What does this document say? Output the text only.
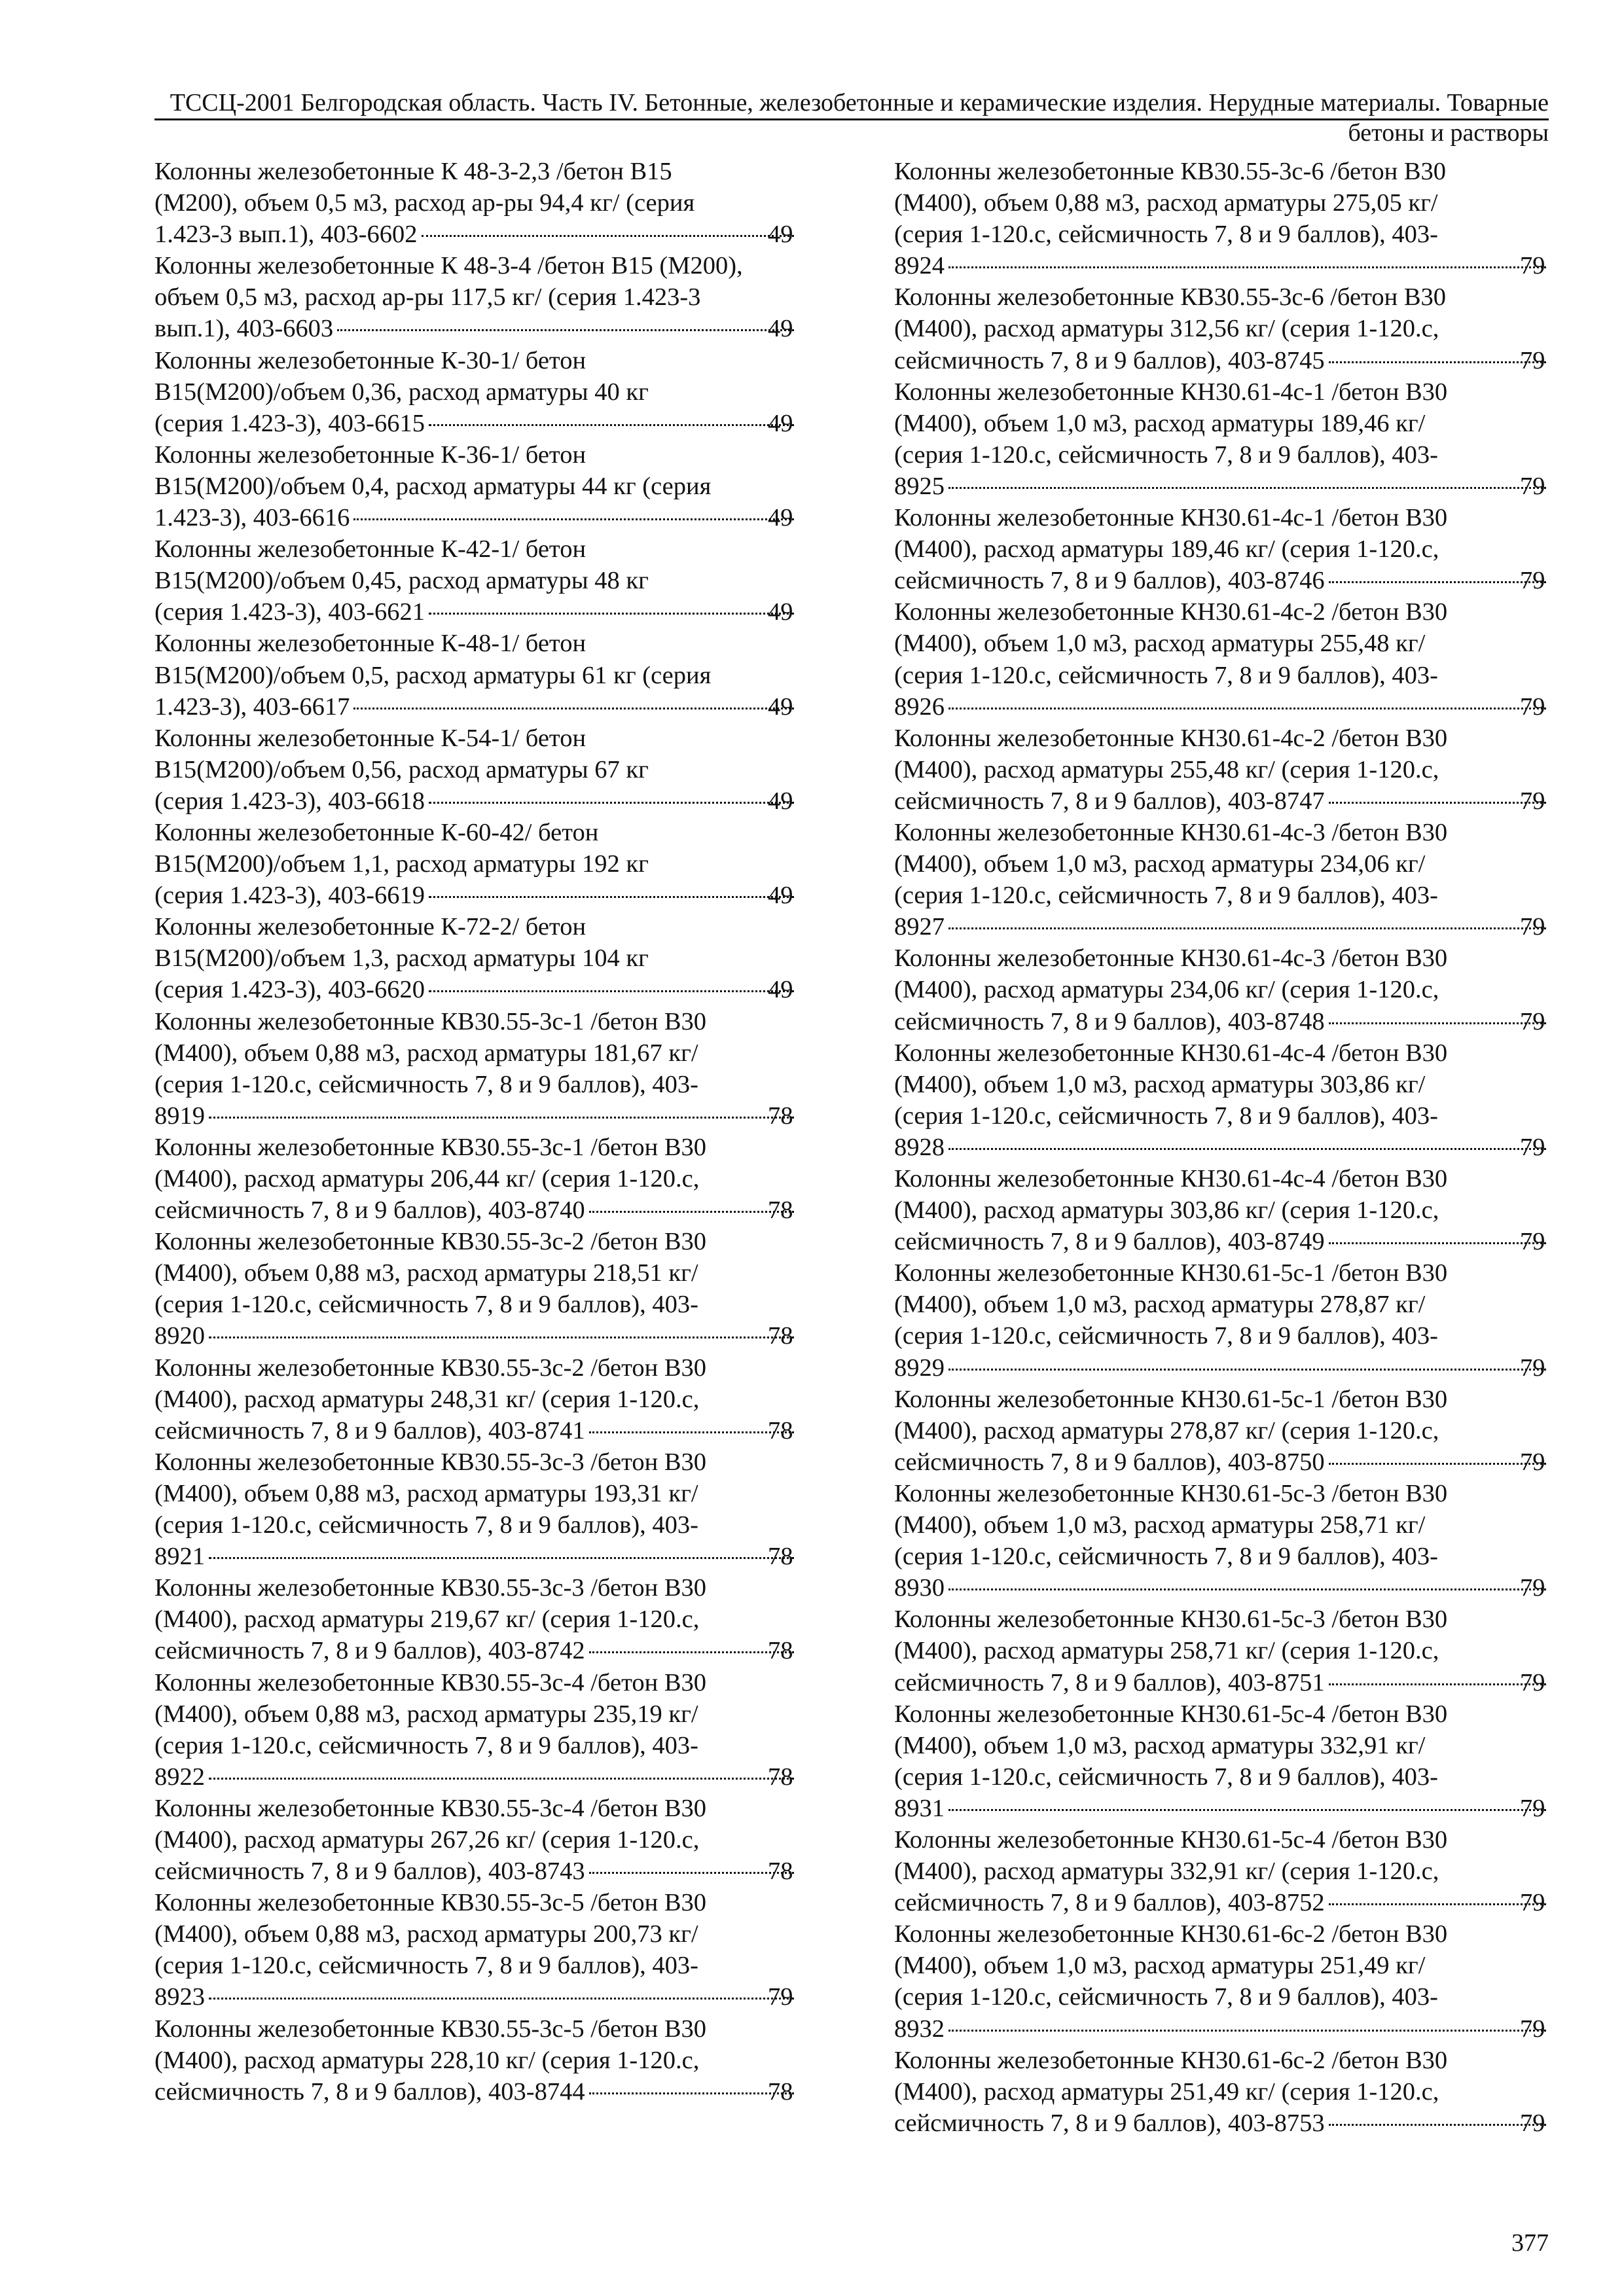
ТССЦ-2001 Белгородская область. Часть IV. Бетонные, железобетонные и керамические изделия. Нерудные материалы. Товарные бетоны и растворы
Колонны железобетонные К 48-3-2,3 /бетон В15
(М200), объем 0,5 м3, расход ар-ры 94,4 кг/ (серия
1.423-3 вып.1), 403-6602	49
Колонны железобетонные К 48-3-4 /бетон В15 (М200),
объем 0,5 м3, расход ар-ры 117,5 кг/ (серия 1.423-3
вып.1), 403-6603	49
Колонны железобетонные К-30-1/ бетон
В15(М200)/объем 0,36, расход арматуры 40 кг
(серия 1.423-3), 403-6615	49
Колонны железобетонные К-36-1/ бетон
В15(М200)/объем 0,4, расход арматуры 44 кг (серия
1.423-3), 403-6616	49
Колонны железобетонные К-42-1/ бетон
В15(М200)/объем 0,45, расход арматуры 48 кг
(серия 1.423-3), 403-6621	49
Колонны железобетонные К-48-1/ бетон
В15(М200)/объем 0,5, расход арматуры 61 кг (серия
1.423-3), 403-6617	49
Колонны железобетонные К-54-1/ бетон
В15(М200)/объем 0,56, расход арматуры 67 кг
(серия 1.423-3), 403-6618	49
Колонны железобетонные К-60-42/ бетон
В15(М200)/объем 1,1, расход арматуры 192 кг
(серия 1.423-3), 403-6619	49
Колонны железобетонные К-72-2/ бетон
В15(М200)/объем 1,3, расход арматуры 104 кг
(серия 1.423-3), 403-6620	49
Колонны железобетонные КВ30.55-3с-1 /бетон В30
(М400), объем 0,88 м3, расход арматуры 181,67 кг/
(серия 1-120.с, сейсмичность 7, 8 и 9 баллов), 403-
8919	78
Колонны железобетонные КВ30.55-3с-1 /бетон В30
(М400), расход арматуры 206,44 кг/ (серия 1-120.с,
сейсмичность 7, 8 и 9 баллов), 403-8740	78
Колонны железобетонные КВ30.55-3с-2 /бетон В30
(М400), объем 0,88 м3, расход арматуры 218,51 кг/
(серия 1-120.с, сейсмичность 7, 8 и 9 баллов), 403-
8920	78
Колонны железобетонные КВ30.55-3с-2 /бетон В30
(М400), расход арматуры 248,31 кг/ (серия 1-120.с,
сейсмичность 7, 8 и 9 баллов), 403-8741	78
Колонны железобетонные КВ30.55-3с-3 /бетон В30
(М400), объем 0,88 м3, расход арматуры 193,31 кг/
(серия 1-120.с, сейсмичность 7, 8 и 9 баллов), 403-
8921	78
Колонны железобетонные КВ30.55-3с-3 /бетон В30
(М400), расход арматуры 219,67 кг/ (серия 1-120.с,
сейсмичность 7, 8 и 9 баллов), 403-8742	78
Колонны железобетонные КВ30.55-3с-4 /бетон В30
(М400), объем 0,88 м3, расход арматуры 235,19 кг/
(серия 1-120.с, сейсмичность 7, 8 и 9 баллов), 403-
8922	78
Колонны железобетонные КВ30.55-3с-4 /бетон В30
(М400), расход арматуры 267,26 кг/ (серия 1-120.с,
сейсмичность 7, 8 и 9 баллов), 403-8743	78
Колонны железобетонные КВ30.55-3с-5 /бетон В30
(М400), объем 0,88 м3, расход арматуры 200,73 кг/
(серия 1-120.с, сейсмичность 7, 8 и 9 баллов), 403-
8923	79
Колонны железобетонные КВ30.55-3с-5 /бетон В30
(М400), расход арматуры 228,10 кг/ (серия 1-120.с,
сейсмичность 7, 8 и 9 баллов), 403-8744	78
Колонны железобетонные КВ30.55-3с-6 /бетон В30
(М400), объем 0,88 м3, расход арматуры 275,05 кг/
(серия 1-120.с, сейсмичность 7, 8 и 9 баллов), 403-
8924	79
Колонны железобетонные КВ30.55-3с-6 /бетон В30
(М400), расход арматуры 312,56 кг/ (серия 1-120.с,
сейсмичность 7, 8 и 9 баллов), 403-8745	79
Колонны железобетонные КН30.61-4с-1 /бетон В30
(М400), объем 1,0 м3, расход арматуры 189,46 кг/
(серия 1-120.с, сейсмичность 7, 8 и 9 баллов), 403-
8925	79
Колонны железобетонные КН30.61-4с-1 /бетон В30
(М400), расход арматуры 189,46 кг/ (серия 1-120.с,
сейсмичность 7, 8 и 9 баллов), 403-8746	79
Колонны железобетонные КН30.61-4с-2 /бетон В30
(М400), объем 1,0 м3, расход арматуры 255,48 кг/
(серия 1-120.с, сейсмичность 7, 8 и 9 баллов), 403-
8926	79
Колонны железобетонные КН30.61-4с-2 /бетон В30
(М400), расход арматуры 255,48 кг/ (серия 1-120.с,
сейсмичность 7, 8 и 9 баллов), 403-8747	79
Колонны железобетонные КН30.61-4с-3 /бетон В30
(М400), объем 1,0 м3, расход арматуры 234,06 кг/
(серия 1-120.с, сейсмичность 7, 8 и 9 баллов), 403-
8927	79
Колонны железобетонные КН30.61-4с-3 /бетон В30
(М400), расход арматуры 234,06 кг/ (серия 1-120.с,
сейсмичность 7, 8 и 9 баллов), 403-8748	79
Колонны железобетонные КН30.61-4с-4 /бетон В30
(М400), объем 1,0 м3, расход арматуры 303,86 кг/
(серия 1-120.с, сейсмичность 7, 8 и 9 баллов), 403-
8928	79
Колонны железобетонные КН30.61-4с-4 /бетон В30
(М400), расход арматуры 303,86 кг/ (серия 1-120.с,
сейсмичность 7, 8 и 9 баллов), 403-8749	79
Колонны железобетонные КН30.61-5с-1 /бетон В30
(М400), объем 1,0 м3, расход арматуры 278,87 кг/
(серия 1-120.с, сейсмичность 7, 8 и 9 баллов), 403-
8929	79
Колонны железобетонные КН30.61-5с-1 /бетон В30
(М400), расход арматуры 278,87 кг/ (серия 1-120.с,
сейсмичность 7, 8 и 9 баллов), 403-8750	79
Колонны железобетонные КН30.61-5с-3 /бетон В30
(М400), объем 1,0 м3, расход арматуры 258,71 кг/
(серия 1-120.с, сейсмичность 7, 8 и 9 баллов), 403-
8930	79
Колонны железобетонные КН30.61-5с-3 /бетон В30
(М400), расход арматуры 258,71 кг/ (серия 1-120.с,
сейсмичность 7, 8 и 9 баллов), 403-8751	79
Колонны железобетонные КН30.61-5с-4 /бетон В30
(М400), объем 1,0 м3, расход арматуры 332,91 кг/
(серия 1-120.с, сейсмичность 7, 8 и 9 баллов), 403-
8931	79
Колонны железобетонные КН30.61-5с-4 /бетон В30
(М400), расход арматуры 332,91 кг/ (серия 1-120.с,
сейсмичность 7, 8 и 9 баллов), 403-8752	79
Колонны железобетонные КН30.61-6с-2 /бетон В30
(М400), объем 1,0 м3, расход арматуры 251,49 кг/
(серия 1-120.с, сейсмичность 7, 8 и 9 баллов), 403-
8932	79
Колонны железобетонные КН30.61-6с-2 /бетон В30
(М400), расход арматуры 251,49 кг/ (серия 1-120.с,
сейсмичность 7, 8 и 9 баллов), 403-8753	79
377
